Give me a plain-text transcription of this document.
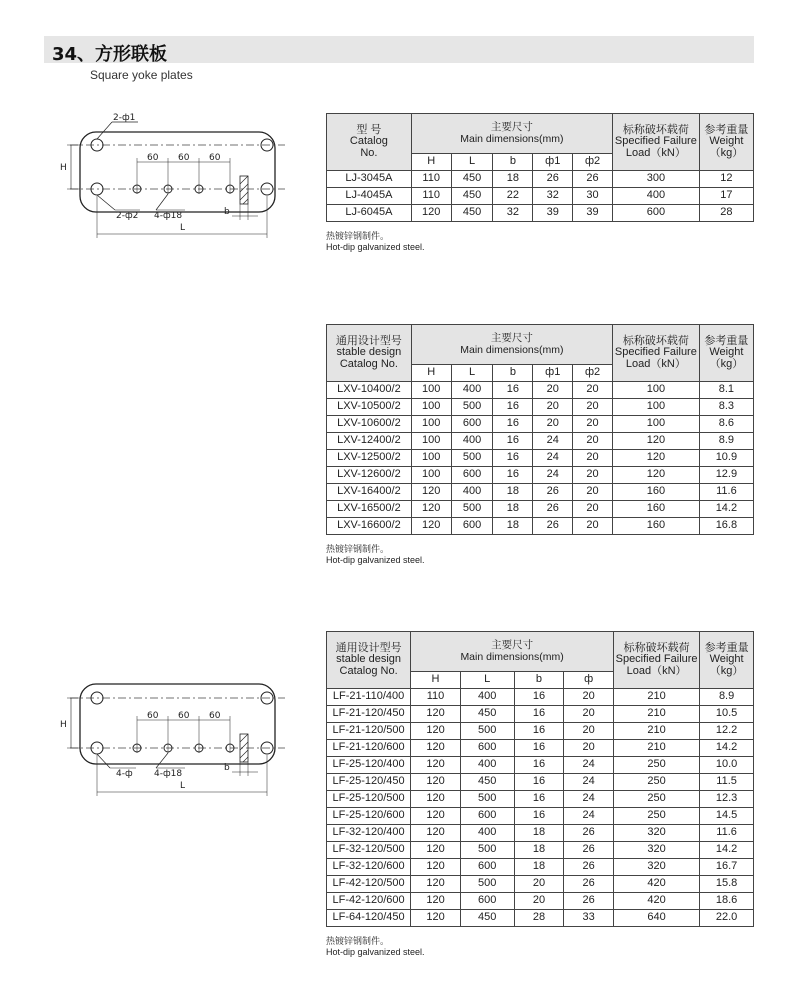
34、方形联板
Square yoke plates
2-ф1
60 60 60
H
2-ф2 4-ф18	b
L
型 号
Catalog
No.	主要尺寸
Main dimensions(mm)					标称破坏载荷
Specified Failure
Load（kN）	参考重量
Weight
（kg）
	H	L	b	ф1	ф2		
LJ-3045A	110	450	18	26	26	300	12
LJ-4045A	110	450	22	32	30	400	17
LJ-6045A	120	450	32	39	39	600	28
热镀锌钢制件。
Hot-dip galvanized steel.
通用设计型号
stable design
Catalog No.	主要尺寸
Main dimensions(mm)					标称破坏载荷
Specified Failure
Load（kN）	参考重量
Weight
（kg）
	H	L	b	ф1	ф2		
LXV-10400/2	100	400	16	20	20	100	8.1
LXV-10500/2	100	500	16	20	20	100	8.3
LXV-10600/2	100	600	16	20	20	100	8.6
LXV-12400/2	100	400	16	24	20	120	8.9
LXV-12500/2	100	500	16	24	20	120	10.9
LXV-12600/2	100	600	16	24	20	120	12.9
LXV-16400/2	120	400	18	26	20	160	11.6
LXV-16500/2	120	500	18	26	20	160	14.2
LXV-16600/2	120	600	18	26	20	160	16.8
热镀锌钢制件。
Hot-dip galvanized steel.
60 60 60
H
4-ф 4-ф18
b
L
通用设计型号
stable design
Catalog No.	主要尺寸
Main dimensions(mm)				标称破坏载荷
Specified Failure
Load（kN）	参考重量
Weight
（kg）
	H	L	b	ф		
LF-21-110/400	110	400	16	20	210	8.9
LF-21-120/450	120	450	16	20	210	10.5
LF-21-120/500	120	500	16	20	210	12.2
LF-21-120/600	120	600	16	20	210	14.2
LF-25-120/400	120	400	16	24	250	10.0
LF-25-120/450	120	450	16	24	250	11.5
LF-25-120/500	120	500	16	24	250	12.3
LF-25-120/600	120	600	16	24	250	14.5
LF-32-120/400	120	400	18	26	320	11.6
LF-32-120/500	120	500	18	26	320	14.2
LF-32-120/600	120	600	18	26	320	16.7
LF-42-120/500	120	500	20	26	420	15.8
LF-42-120/600	120	600	20	26	420	18.6
LF-64-120/450	120	450	28	33	640	22.0
热镀锌钢制件。
Hot-dip galvanized steel.
